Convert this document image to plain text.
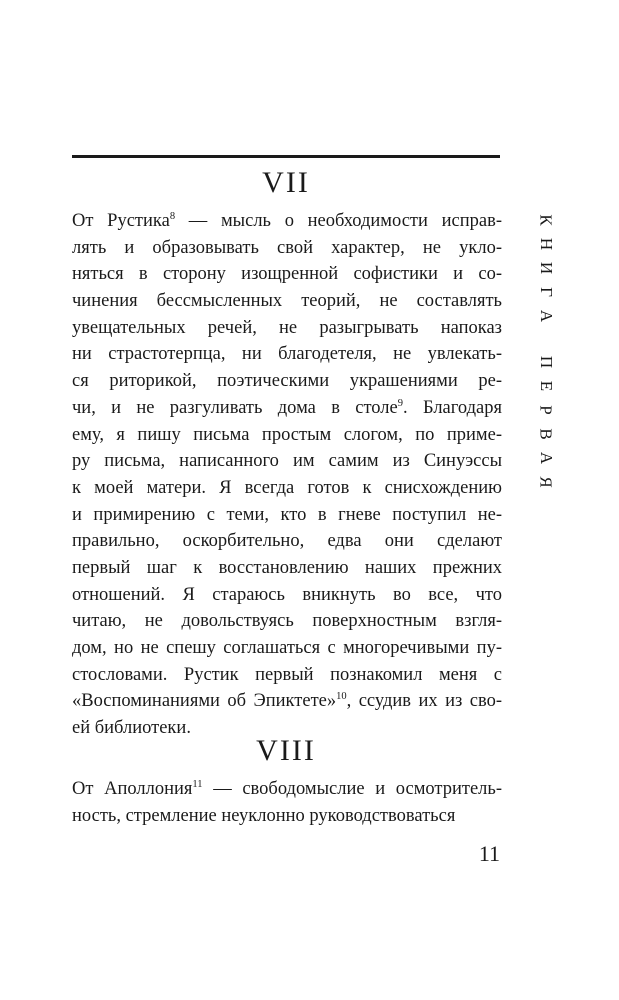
К
Н
И
Г
А
П
Е
Р
В
А
Я
VII
От Рустика$^8$ — мысль о необходимости исправ-
лять и образовывать свой характер, не укло-
няться в сторону изощренной софистики и со-
чинения бессмысленных теорий, не составлять
увещательных речей, не разыгрывать напоказ
ни страстотерпца, ни благодетеля, не увлекать-
ся риторикой, поэтическими украшениями ре-
чи, и не разгуливать дома в столе$^9$. Благодаря
ему, я пишу письма простым слогом, по приме-
ру письма, написанного им самим из Синуэссы
к моей матери. Я всегда готов к снисхождению
и примирению с теми, кто в гневе поступил не-
правильно, оскорбительно, едва они сделают
первый шаг к восстановлению наших прежних
отношений. Я стараюсь вникнуть во все, что
читаю, не довольствуясь поверхностным взгля-
дом, но не спешу соглашаться с многоречивыми пу-
стословами. Рустик первый познакомил меня с
«Воспоминаниями об Эпиктете»$^{10}$, ссудив их из сво-
ей библиотеки.
VIII
От Аполлония$^{11}$ — свободомыслие и осмотритель-
ность, стремление неуклонно руководствоваться
11
